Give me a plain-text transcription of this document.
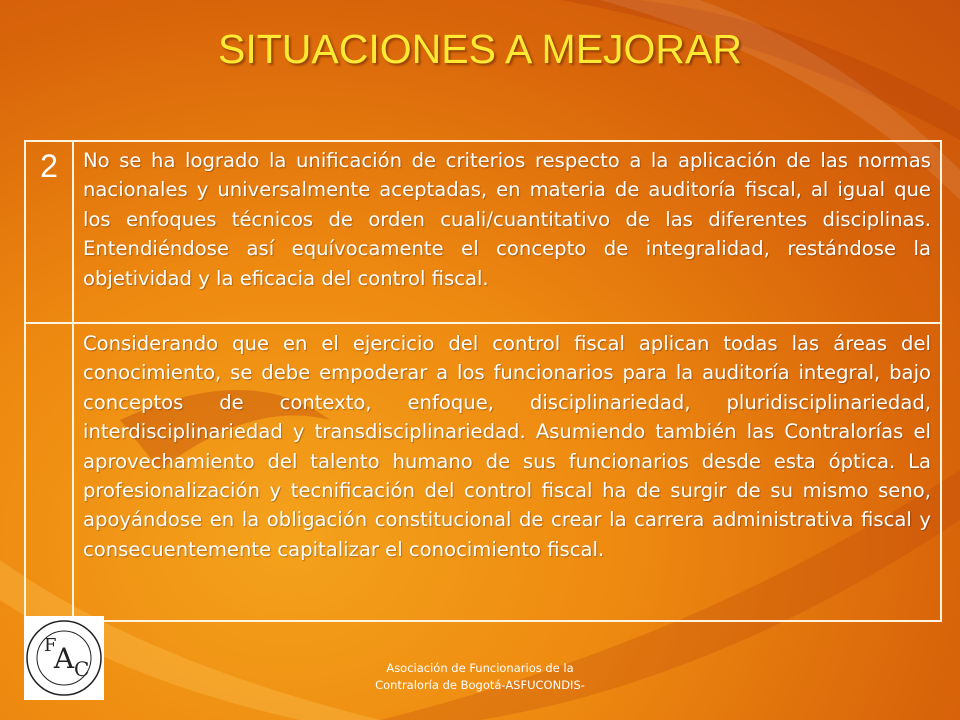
SITUACIONES A MEJORAR
2	No se ha logrado la unificación de criterios respecto a la aplicación de las normas nacionales y universalmente aceptadas, en materia de auditoría fiscal, al igual que los enfoques técnicos de orden cuali/cuantitativo de las diferentes disciplinas. Entendiéndose así equívocamente el concepto de integralidad, restándose la objetividad y la eficacia del control fiscal.
Considerando que en el ejercicio del control fiscal aplican todas las áreas del conocimiento, se debe empoderar a los funcionarios para la auditoría integral, bajo conceptos de contexto, enfoque, disciplinariedad, pluridisciplinariedad, interdisciplinariedad y transdisciplinariedad. Asumiendo también las Contralorías el aprovechamiento del talento humano de sus funcionarios desde esta óptica. La profesionalización y tecnificación del control fiscal ha de surgir de su mismo seno, apoyándose en la obligación constitucional de crear la carrera administrativa fiscal y consecuentemente capitalizar el conocimiento fiscal.
A C
F
Asociación de Funcionarios de la
Contraloría de Bogotá-ASFUCONDIS-
